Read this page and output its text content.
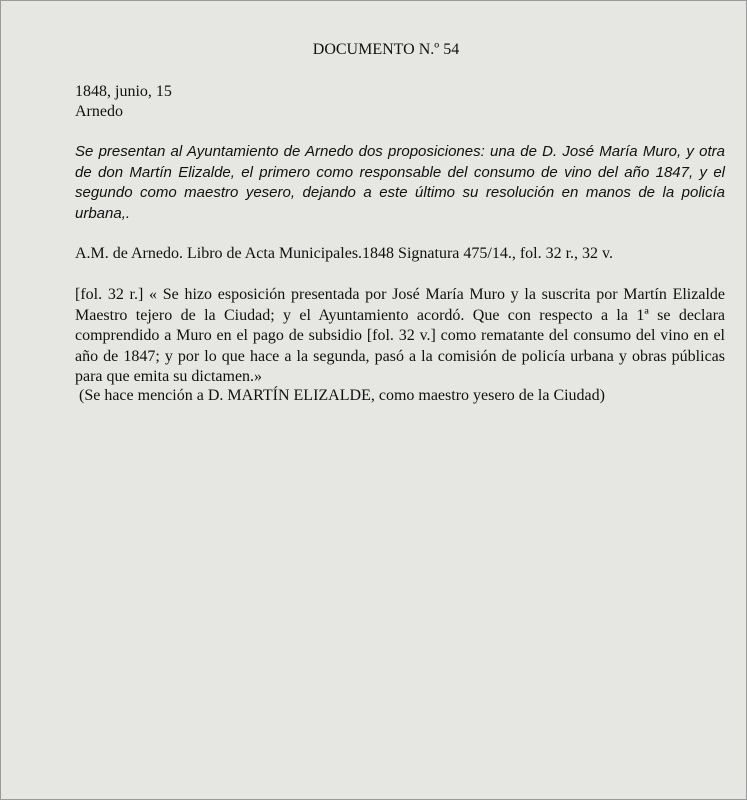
DOCUMENTO N.º 54
1848, junio, 15
Arnedo
Se presentan al Ayuntamiento de Arnedo dos proposiciones: una de D. José María Muro, y otra de don Martín Elizalde, el primero como responsable del consumo de vino del año 1847, y el segundo como maestro yesero, dejando a este último su resolución en manos de la policía urbana,.
A.M. de Arnedo. Libro de Acta Municipales.1848 Signatura 475/14., fol. 32 r., 32 v.
[fol. 32 r.] « Se hizo esposición presentada por José María Muro y la suscrita por Martín Elizalde Maestro tejero de la Ciudad; y el Ayuntamiento acordó. Que con respecto a la 1ª se declara comprendido a Muro en el pago de subsidio [fol. 32 v.] como rematante del consumo del vino en el año de 1847; y por lo que hace a la segunda, pasó a la comisión de policía urbana y obras públicas para que emita su dictamen.»
(Se hace mención a D. MARTÍN ELIZALDE, como maestro yesero de la Ciudad)
